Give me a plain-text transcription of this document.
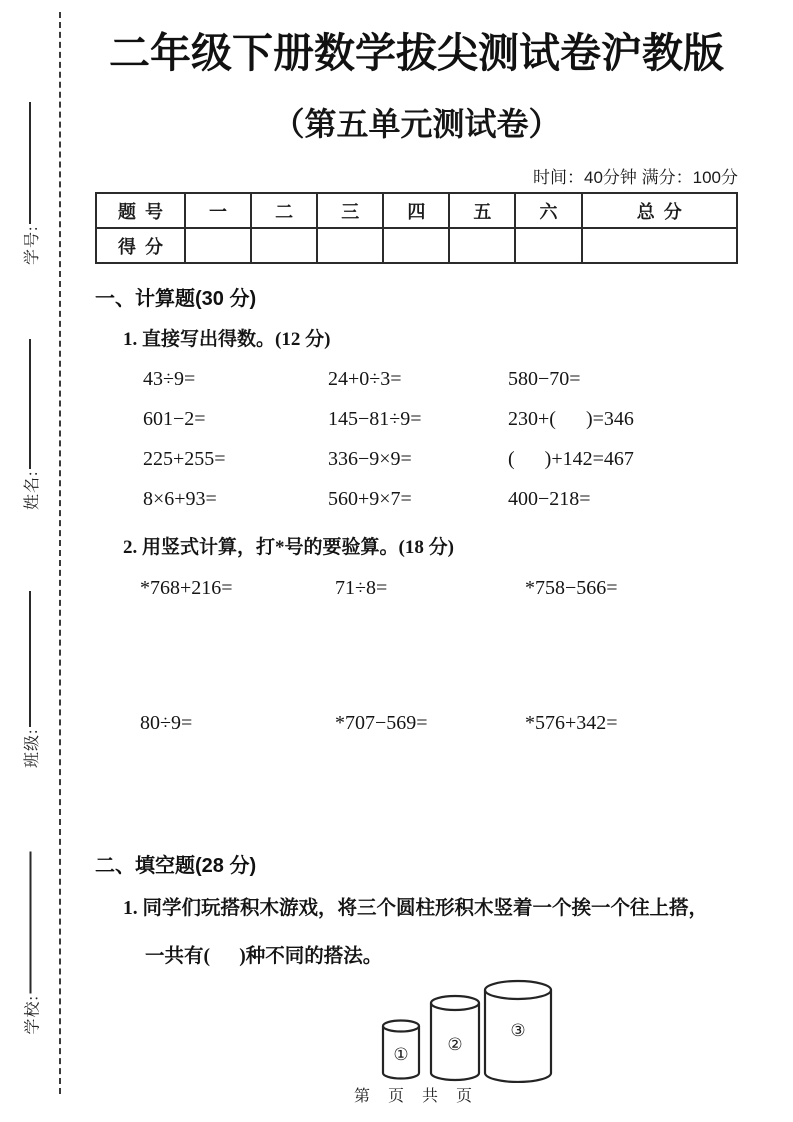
学号:
姓名:
班级:
学校:
二年级下册数学拔尖测试卷沪教版
（第五单元测试卷）
时间：40分钟 满分：100分
题  号	一	二	三	四	五	六	总  分
得  分							
一、计算题(30 分)
1. 直接写出得数。(12 分)
43÷9=	24+0÷3=	580−70=
601−2=	145−81÷9=	230+(      )=346
225+255=	336−9×9=	(      )+142=467
8×6+93=	560+9×7=	400−218=
2. 用竖式计算，打*号的要验算。(18 分)
*768+216=	71÷8=	*758−566=
80÷9=	*707−569=	*576+342=
二、填空题(28 分)
1. 同学们玩搭积木游戏，将三个圆柱形积木竖着一个挨一个往上搭，
一共有(      )种不同的搭法。
① ②
③
第 页 共 页
